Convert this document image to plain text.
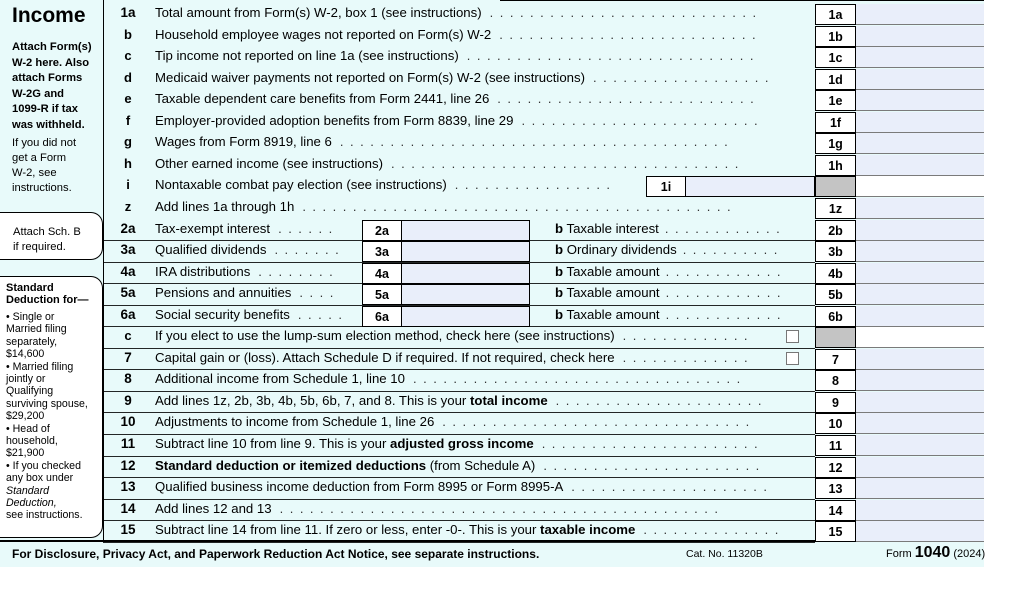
Income
Attach Form(s)
W-2 here. Also
attach Forms
W-2G and
1099-R if tax
was withheld.
If you did not
get a Form
W-2, see
instructions.
Attach Sch. B
if required.
Standard
Deduction for—
• Single or
Married filing
separately,
$14,600
• Married filing
jointly or
Qualifying
surviving spouse,
$29,200
• Head of
household,
$21,900
• If you checked
any box under
Standard
Deduction,
see instructions.
1a	Total amount from Form(s) W-2, box 1 (see instructions) ...........................	1a
b	Household employee wages not reported on Form(s) W-2 ..........................	1b
c	Tip income not reported on line 1a (see instructions) .............................	1c
d	Medicaid waiver payments not reported on Form(s) W-2 (see instructions) ..................	1d
e	Taxable dependent care benefits from Form 2441, line 26 ..........................	1e
f	Employer-provided adoption benefits from Form 8839, line 29 ........................	1f
g	Wages from Form 8919, line 6 .......................................	1g
h	Other earned income (see instructions) ...................................	1h
i	Nontaxable combat pay election (see instructions) ................	1i
z	Add lines 1a through 1h ...........................................	1z
2a	Tax-exempt interest ......	2a	b Taxable interest ............	2b
3a	Qualified dividends .......	3a	b Ordinary dividends ..........	3b
4a	IRA distributions ........	4a	b Taxable amount ............	4b
5a	Pensions and annuities ....	5a	b Taxable amount ............	5b
6a	Social security benefits .....	6a	b Taxable amount ............	6b
c	If you elect to use the lump-sum election method, check here (see instructions) .............
7	Capital gain or (loss). Attach Schedule D if required. If not required, check here .............	7
8	Additional income from Schedule 1, line 10 .................................	8
9	Add lines 1z, 2b, 3b, 4b, 5b, 6b, 7, and 8. This is your total income .....................	9
10	Adjustments to income from Schedule 1, line 26 ...............................	10
11	Subtract line 10 from line 9. This is your adjusted gross income ......................	11
12	Standard deduction or itemized deductions (from Schedule A) ......................	12
13	Qualified business income deduction from Form 8995 or Form 8995-A ....................	13
14	Add lines 12 and 13 ............................................	14
15	Subtract line 14 from line 11. If zero or less, enter -0-. This is your taxable income ..............	15
For Disclosure, Privacy Act, and Paperwork Reduction Act Notice, see separate instructions.	Cat. No. 11320B	Form 1040 (2024)
